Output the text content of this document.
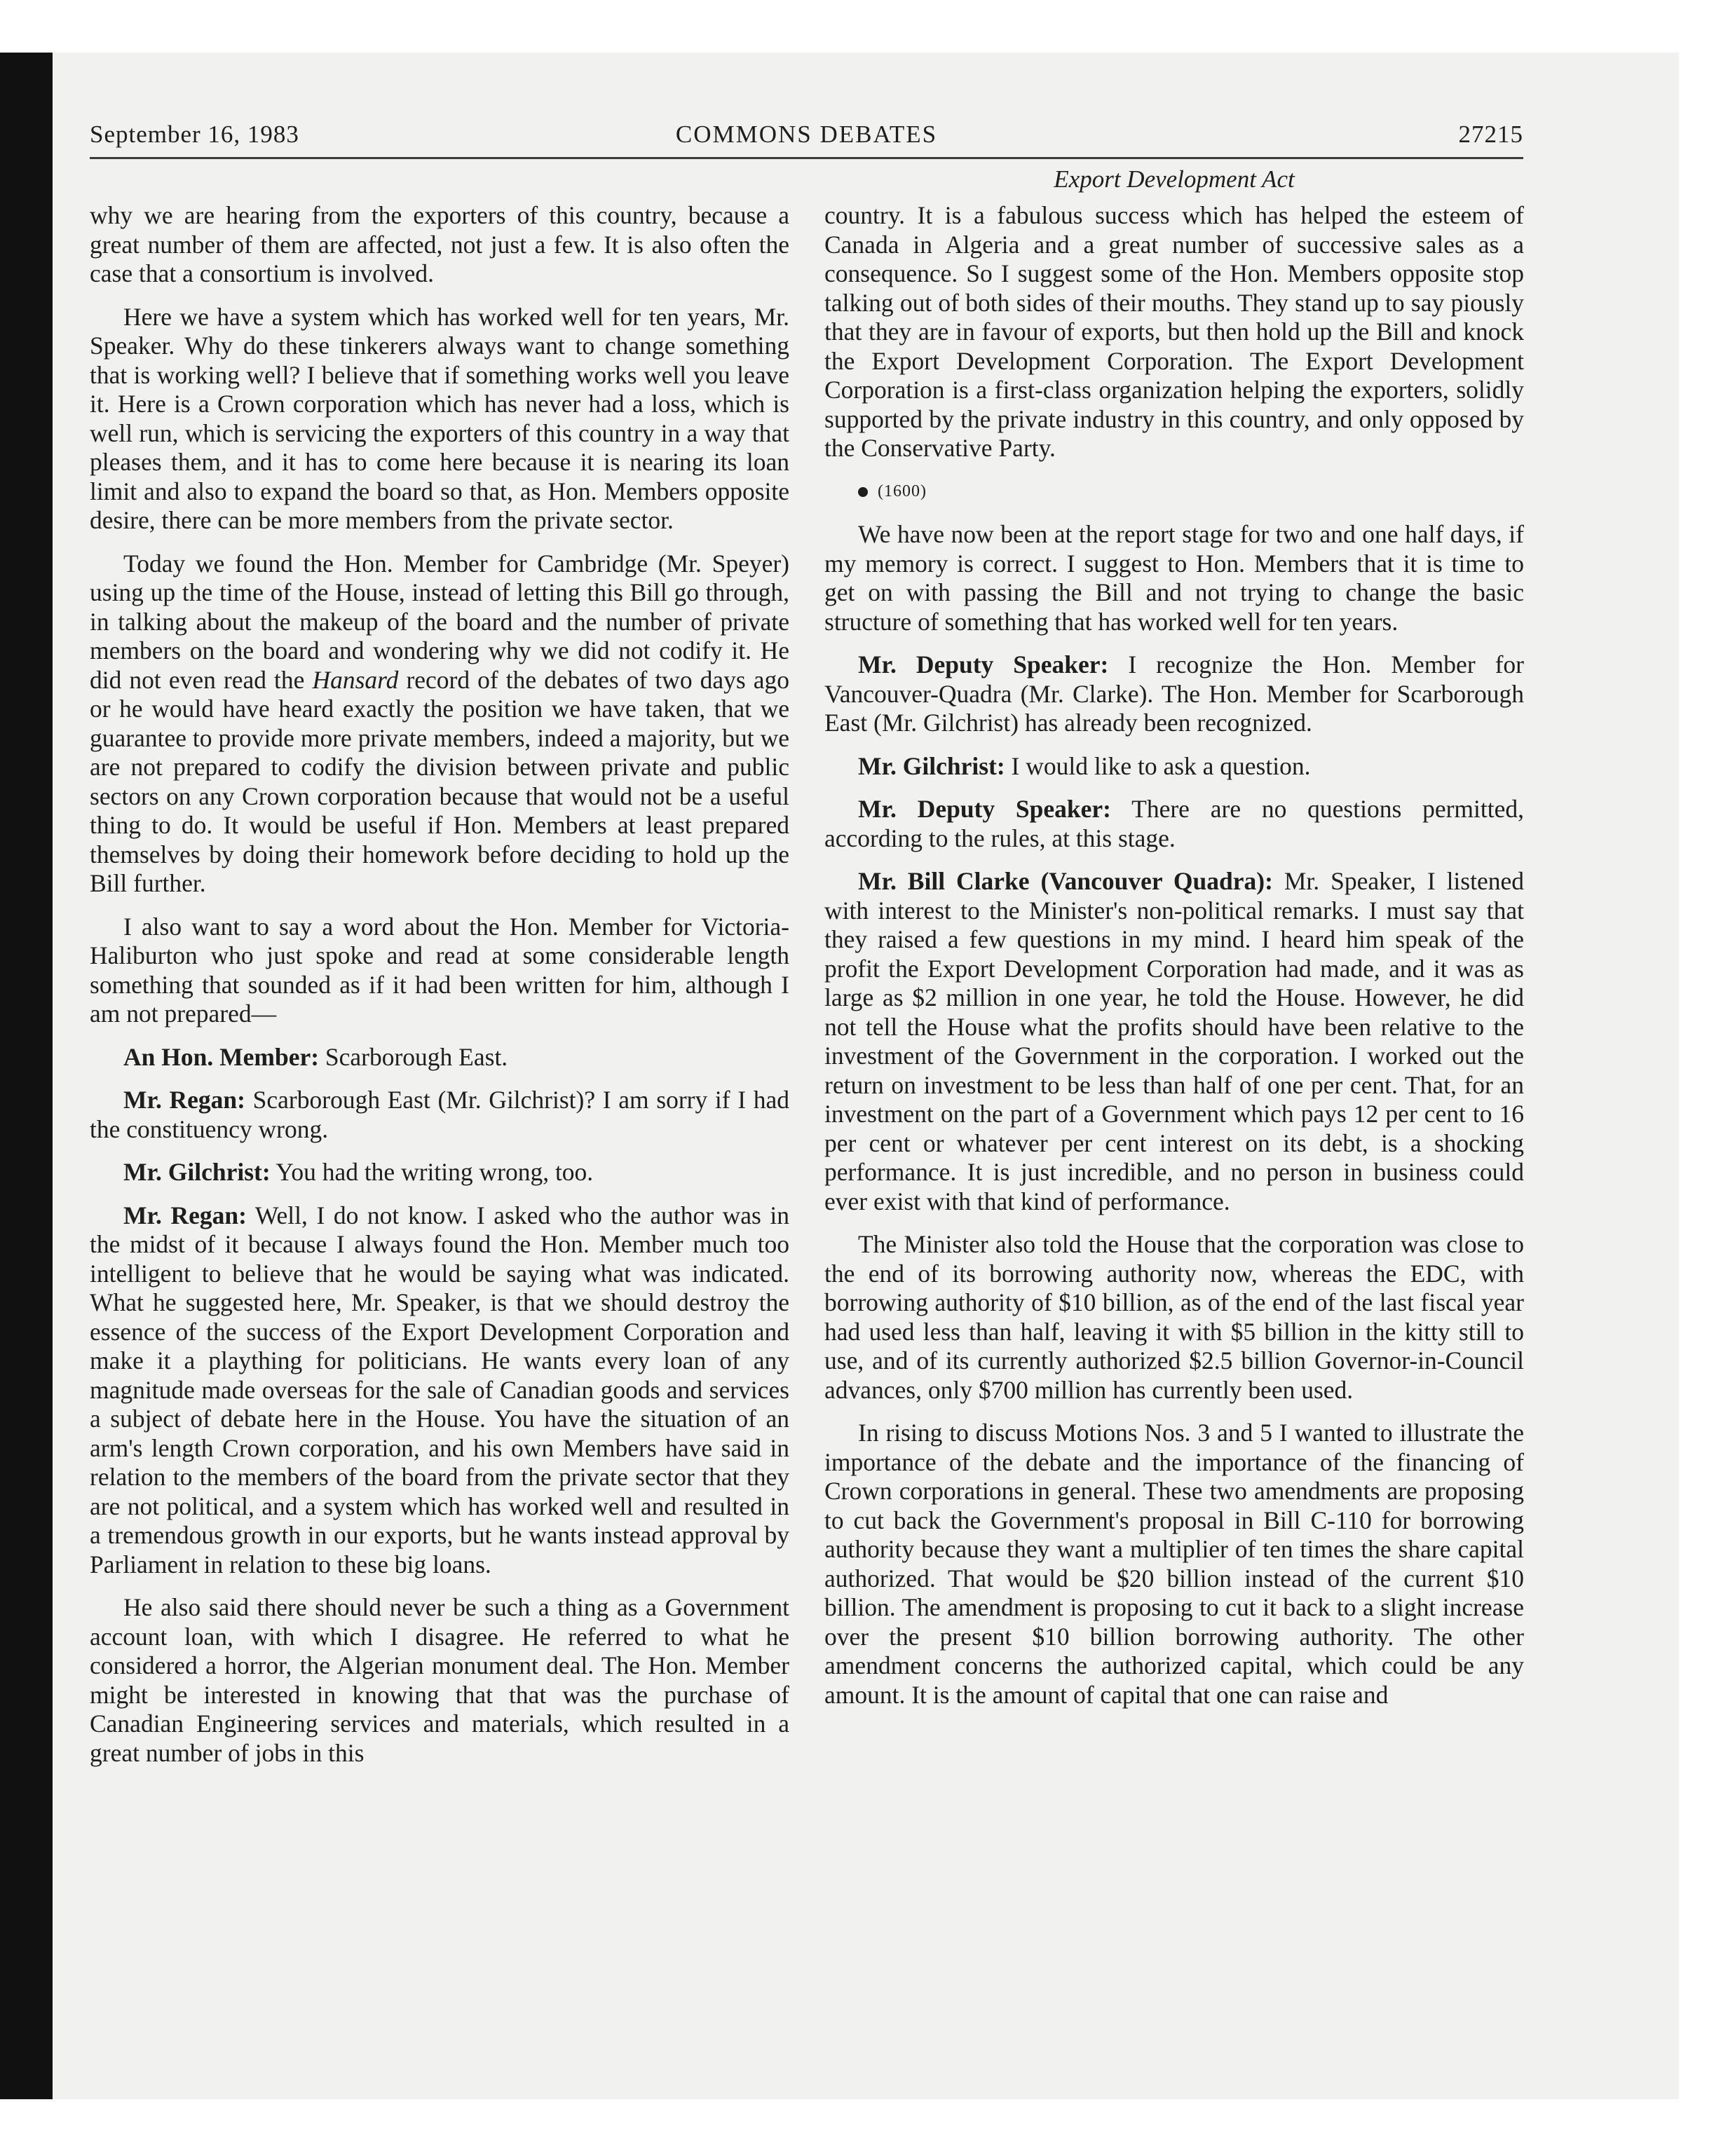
September 16, 1983	COMMONS DEBATES	27215
Export Development Act

why we are hearing from the exporters of this country, because a great number of them are affected, not just a few. It is also often the case that a consortium is involved.

Here we have a system which has worked well for ten years, Mr. Speaker. Why do these tinkerers always want to change something that is working well? I believe that if something works well you leave it. Here is a Crown corporation which has never had a loss, which is well run, which is servicing the exporters of this country in a way that pleases them, and it has to come here because it is nearing its loan limit and also to expand the board so that, as Hon. Members opposite desire, there can be more members from the private sector.

Today we found the Hon. Member for Cambridge (Mr. Speyer) using up the time of the House, instead of letting this Bill go through, in talking about the makeup of the board and the number of private members on the board and wondering why we did not codify it. He did not even read the Hansard record of the debates of two days ago or he would have heard exactly the position we have taken, that we guarantee to provide more private members, indeed a majority, but we are not prepared to codify the division between private and public sectors on any Crown corporation because that would not be a useful thing to do. It would be useful if Hon. Members at least prepared themselves by doing their homework before deciding to hold up the Bill further.

I also want to say a word about the Hon. Member for Victoria-Haliburton who just spoke and read at some considerable length something that sounded as if it had been written for him, although I am not prepared—

An Hon. Member: Scarborough East.

Mr. Regan: Scarborough East (Mr. Gilchrist)? I am sorry if I had the constituency wrong.

Mr. Gilchrist: You had the writing wrong, too.

Mr. Regan: Well, I do not know. I asked who the author was in the midst of it because I always found the Hon. Member much too intelligent to believe that he would be saying what was indicated. What he suggested here, Mr. Speaker, is that we should destroy the essence of the success of the Export Development Corporation and make it a plaything for politicians. He wants every loan of any magnitude made overseas for the sale of Canadian goods and services a subject of debate here in the House. You have the situation of an arm's length Crown corporation, and his own Members have said in relation to the members of the board from the private sector that they are not political, and a system which has worked well and resulted in a tremendous growth in our exports, but he wants instead approval by Parliament in relation to these big loans.

He also said there should never be such a thing as a Government account loan, with which I disagree. He referred to what he considered a horror, the Algerian monument deal. The Hon. Member might be interested in knowing that that was the purchase of Canadian Engineering services and materials, which resulted in a great number of jobs in this

country. It is a fabulous success which has helped the esteem of Canada in Algeria and a great number of successive sales as a consequence. So I suggest some of the Hon. Members opposite stop talking out of both sides of their mouths. They stand up to say piously that they are in favour of exports, but then hold up the Bill and knock the Export Development Corporation. The Export Development Corporation is a first-class organization helping the exporters, solidly supported by the private industry in this country, and only opposed by the Conservative Party.

(1600)

We have now been at the report stage for two and one half days, if my memory is correct. I suggest to Hon. Members that it is time to get on with passing the Bill and not trying to change the basic structure of something that has worked well for ten years.

Mr. Deputy Speaker: I recognize the Hon. Member for Vancouver-Quadra (Mr. Clarke). The Hon. Member for Scarborough East (Mr. Gilchrist) has already been recognized.

Mr. Gilchrist: I would like to ask a question.

Mr. Deputy Speaker: There are no questions permitted, according to the rules, at this stage.

Mr. Bill Clarke (Vancouver Quadra): Mr. Speaker, I listened with interest to the Minister's non-political remarks. I must say that they raised a few questions in my mind. I heard him speak of the profit the Export Development Corporation had made, and it was as large as $2 million in one year, he told the House. However, he did not tell the House what the profits should have been relative to the investment of the Government in the corporation. I worked out the return on investment to be less than half of one per cent. That, for an investment on the part of a Government which pays 12 per cent to 16 per cent or whatever per cent interest on its debt, is a shocking performance. It is just incredible, and no person in business could ever exist with that kind of performance.

The Minister also told the House that the corporation was close to the end of its borrowing authority now, whereas the EDC, with borrowing authority of $10 billion, as of the end of the last fiscal year had used less than half, leaving it with $5 billion in the kitty still to use, and of its currently authorized $2.5 billion Governor-in-Council advances, only $700 million has currently been used.

In rising to discuss Motions Nos. 3 and 5 I wanted to illustrate the importance of the debate and the importance of the financing of Crown corporations in general. These two amendments are proposing to cut back the Government's proposal in Bill C-110 for borrowing authority because they want a multiplier of ten times the share capital authorized. That would be $20 billion instead of the current $10 billion. The amendment is proposing to cut it back to a slight increase over the present $10 billion borrowing authority. The other amendment concerns the authorized capital, which could be any amount. It is the amount of capital that one can raise and
